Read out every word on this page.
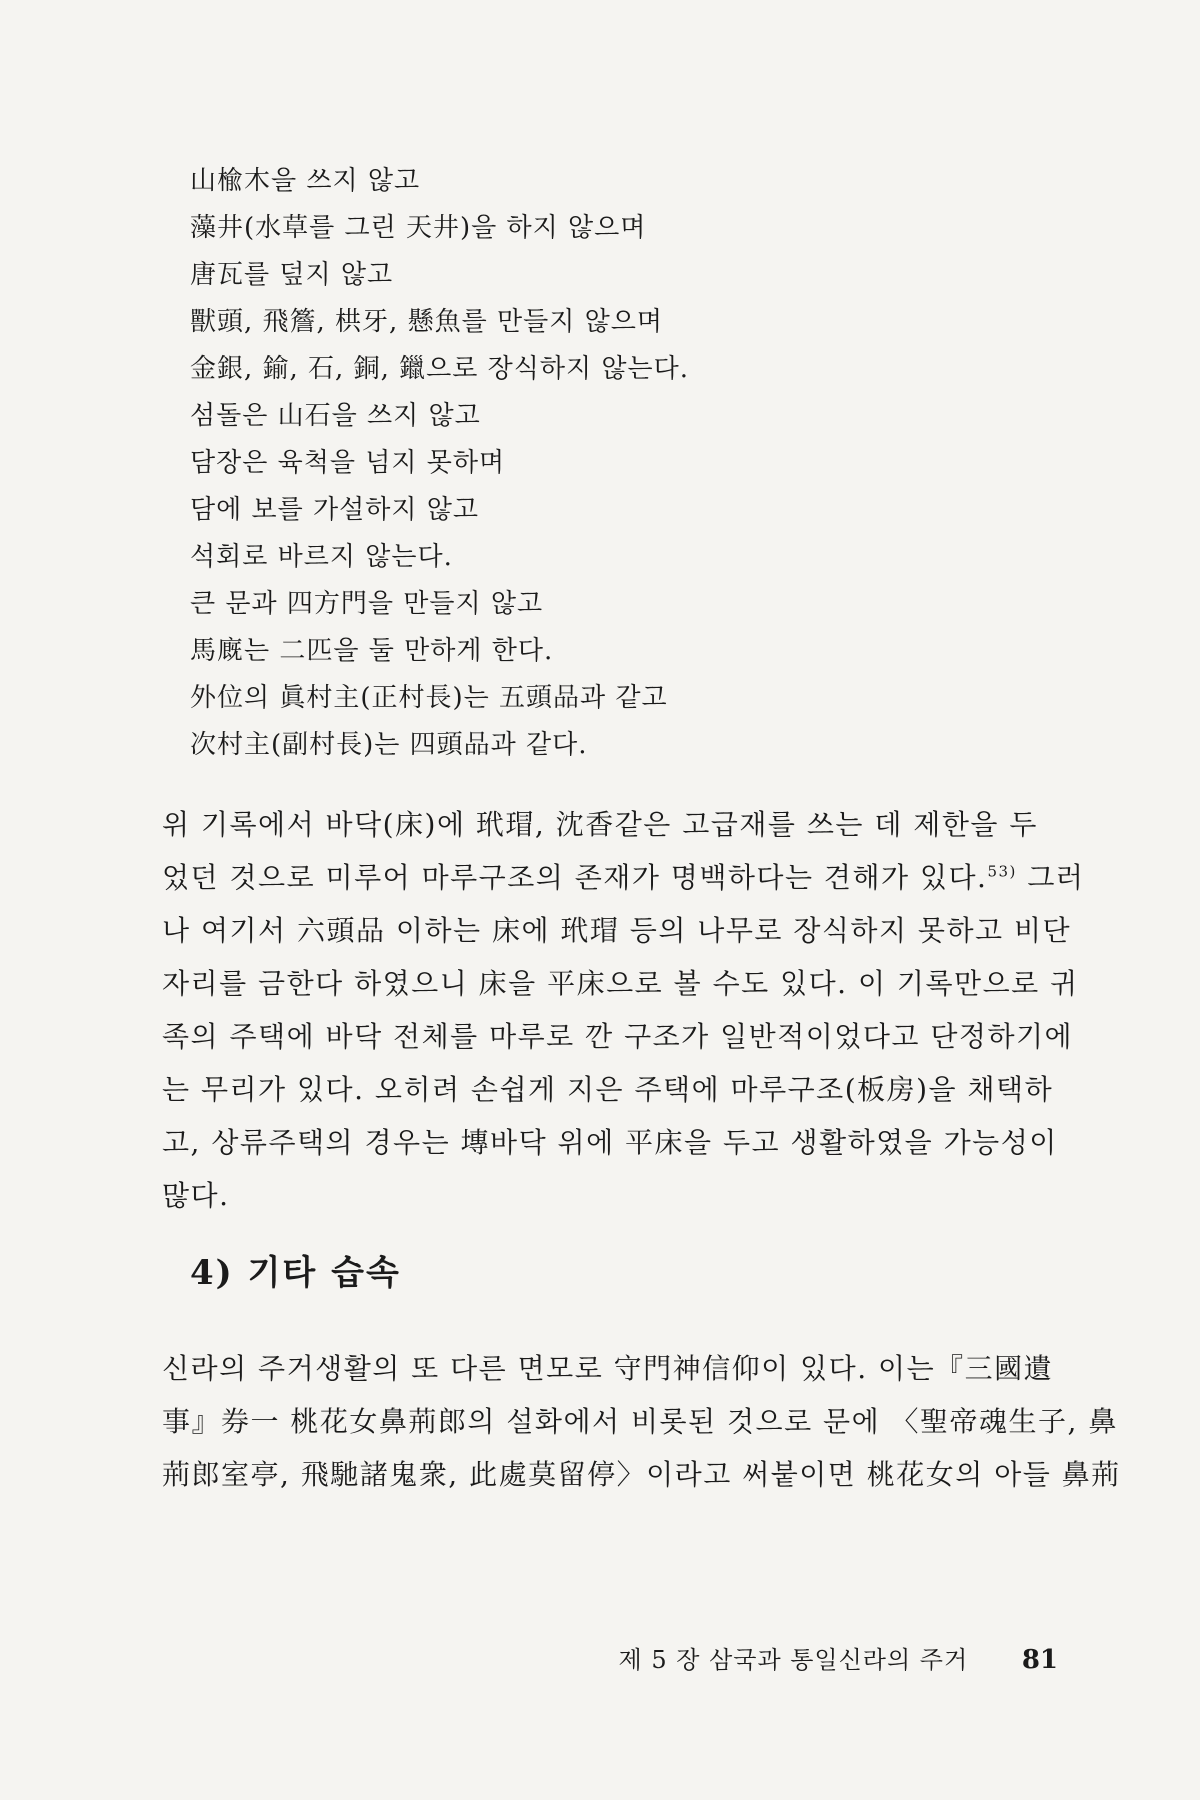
山楡木을 쓰지 않고
藻井(水草를 그린 天井)을 하지 않으며
唐瓦를 덮지 않고
獸頭, 飛簷, 栱牙, 懸魚를 만들지 않으며
金銀, 鍮, 石, 銅, 鑞으로 장식하지 않는다.
섬돌은 山石을 쓰지 않고
담장은 육척을 넘지 못하며
담에 보를 가설하지 않고
석회로 바르지 않는다.
큰 문과 四方門을 만들지 않고
馬廐는 二匹을 둘 만하게 한다.
外位의 眞村主(正村長)는 五頭品과 같고
次村主(副村長)는 四頭品과 같다.
위 기록에서 바닥(床)에 玳瑁, 沈香같은 고급재를 쓰는 데 제한을 두
었던 것으로 미루어 마루구조의 존재가 명백하다는 견해가 있다.$^{53)}$ 그러
나 여기서 六頭品 이하는 床에 玳瑁 등의 나무로 장식하지 못하고 비단
자리를 금한다 하였으니 床을 平床으로 볼 수도 있다. 이 기록만으로 귀
족의 주택에 바닥 전체를 마루로 깐 구조가 일반적이었다고 단정하기에
는 무리가 있다. 오히려 손쉽게 지은 주택에 마루구조(板房)을 채택하
고, 상류주택의 경우는 塼바닥 위에 平床을 두고 생활하였을 가능성이
많다.
4) 기타 습속
신라의 주거생활의 또 다른 면모로 守門神信仰이 있다. 이는『三國遺
事』券一 桃花女鼻荊郎의 설화에서 비롯된 것으로 문에 〈聖帝魂生子, 鼻
荊郎室亭, 飛馳諸鬼衆, 此處莫留停〉이라고 써붙이면 桃花女의 아들 鼻荊
제 5 장 삼국과 통일신라의 주거 81
